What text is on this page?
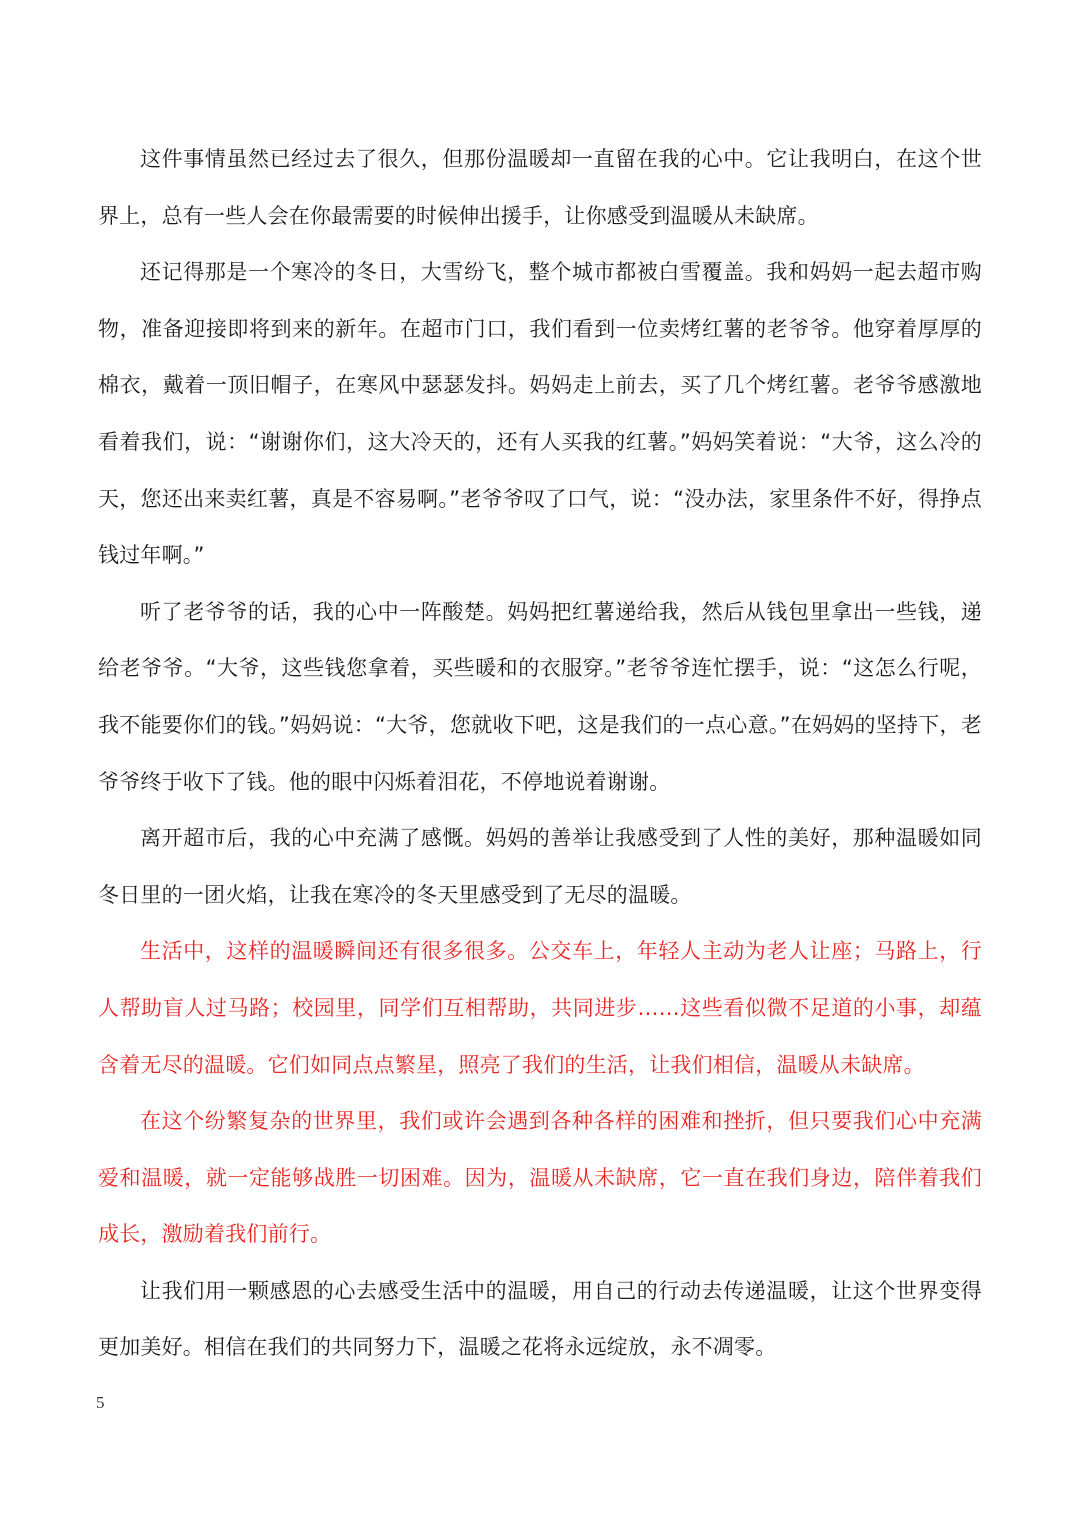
这件事情虽然已经过去了很久，但那份温暖却一直留在我的心中。它让我明白，在这个世界上，总有一些人会在你最需要的时候伸出援手，让你感受到温暖从未缺席。

还记得那是一个寒冷的冬日，大雪纷飞，整个城市都被白雪覆盖。我和妈妈一起去超市购物，准备迎接即将到来的新年。在超市门口，我们看到一位卖烤红薯的老爷爷。他穿着厚厚的棉衣，戴着一顶旧帽子，在寒风中瑟瑟发抖。妈妈走上前去，买了几个烤红薯。老爷爷感激地看着我们，说：“谢谢你们，这大冷天的，还有人买我的红薯。”妈妈笑着说：“大爷，这么冷的天，您还出来卖红薯，真是不容易啊。”老爷爷叹了口气，说：“没办法，家里条件不好，得挣点钱过年啊。”

听了老爷爷的话，我的心中一阵酸楚。妈妈把红薯递给我，然后从钱包里拿出一些钱，递给老爷爷。“大爷，这些钱您拿着，买些暖和的衣服穿。”老爷爷连忙摆手，说：“这怎么行呢，我不能要你们的钱。”妈妈说：“大爷，您就收下吧，这是我们的一点心意。”在妈妈的坚持下，老爷爷终于收下了钱。他的眼中闪烁着泪花，不停地说着谢谢。

离开超市后，我的心中充满了感慨。妈妈的善举让我感受到了人性的美好，那种温暖如同冬日里的一团火焰，让我在寒冷的冬天里感受到了无尽的温暖。

生活中，这样的温暖瞬间还有很多很多。公交车上，年轻人主动为老人让座；马路上，行人帮助盲人过马路；校园里，同学们互相帮助，共同进步……这些看似微不足道的小事，却蕴含着无尽的温暖。它们如同点点繁星，照亮了我们的生活，让我们相信，温暖从未缺席。

在这个纷繁复杂的世界里，我们或许会遇到各种各样的困难和挫折，但只要我们心中充满爱和温暖，就一定能够战胜一切困难。因为，温暖从未缺席，它一直在我们身边，陪伴着我们成长，激励着我们前行。

让我们用一颗感恩的心去感受生活中的温暖，用自己的行动去传递温暖，让这个世界变得更加美好。相信在我们的共同努力下，温暖之花将永远绽放，永不凋零。

5
